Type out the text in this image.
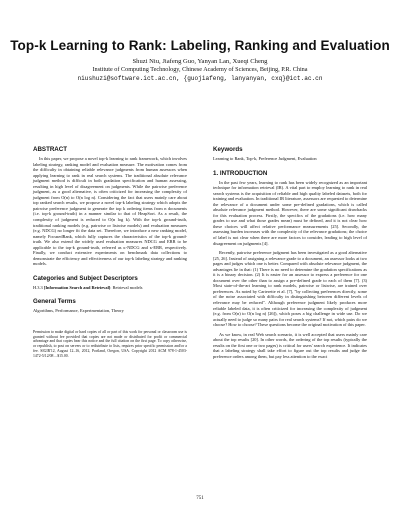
Top-k Learning to Rank: Labeling, Ranking and Evaluation
Shuzi Niu, Jiafeng Guo, Yanyan Lan, Xueqi Cheng
Institute of Computing Technology, Chinese Academy of Sciences, Beijing, P.R. China
niushuzi@software.ict.ac.cn, {guojiafeng, lanyanyan, cxq}@ict.ac.cn
ABSTRACT

In this paper, we propose a novel top-k learning to rank framework, which involves labeling strategy, ranking model and evaluation measure. The motivation comes from the difficulty in obtaining reliable relevance judgments from human assessors when applying learning to rank in real search systems. The traditional absolute relevance judgment method is difficult in both gradation specification and human assessing, resulting in high level of disagreement on judgments. While the pairwise preference judgment, as a good alternative, is often criticized for increasing the complexity of judgment from O(n) to O(n log n). Considering the fact that users mainly care about top ranked search results, we propose a novel top-k labeling strategy which adopts the pairwise preference judgment to generate the top k ordering items from n documents (i.e. top-k ground-truth) in a manner similar to that of HeapSort. As a result, the complexity of judgment is reduced to O(n log k). With the top-k ground-truth, traditional ranking models (e.g. pairwise or listwise models) and evaluation measures (e.g. NDCG) no longer fit the data set. Therefore, we introduce a new ranking model, namely FocusedRank, which fully captures the characteristics of the top-k ground-truth. We also extend the widely used evaluation measures NDCG and ERR to be applicable to the top-k ground-truth, referred as κ-NDCG and κ-ERR, respectively. Finally, we conduct extensive experiments on benchmark data collections to demonstrate the efficiency and effectiveness of our top-k labeling strategy and ranking models.

Categories and Subject Descriptors

H.3.3 [Information Search and Retrieval]: Retrieval models

General Terms

Algorithms, Performance, Experimentation, Theory

Permission to make digital or hard copies of all or part of this work for personal or classroom use is granted without fee provided that copies are not made or distributed for profit or commercial advantage and that copies bear this notice and the full citation on the first page. To copy otherwise, or republish, to post on servers or to redistribute to lists, requires prior specific permission and/or a fee. SIGIR'12, August 12–16, 2012, Portland, Oregon, USA. Copyright 2012 ACM 978-1-4503-1472-5/12/08 ...$15.00.

Keywords

Learning to Rank, Top-k, Preference Judgment, Evaluation

1. INTRODUCTION

In the past few years, learning to rank has been widely recognized as an important technique for information retrieval (IR). A vital part to employ learning to rank in real search systems is the acquisition of reliable and high quality labeled datasets, both for training and evaluation. In traditional IR literature, assessors are requested to determine the relevance of a document under some pre-defined gradations, which is called absolute relevance judgment method. However, there are some significant drawbacks for this evaluation process. Firstly, the specifics of the gradations (i.e. how many grades to use and what those grades mean) must be defined, and it is not clear how these choices will affect relative performance measurements [25]. Secondly, the assessing burden increases with the complexity of the relevance gradations; the choice of label is not clear when there are more factors to consider, leading to high level of disagreement on judgments [4].

Recently, pairwise preference judgment has been investigated as a good alternative [25, 26]. Instead of assigning a relevance grade to a document, an assessor looks at two pages and judges which one is better. Compared with absolute relevance judgment, the advantages lie in that: (1) There is no need to determine the gradation specifications as it is a binary decision. (2) It is easier for an assessor to express a preference for one document over the other than to assign a pre-defined grade to each of them [7]. (3) Most state-of-the-art learning to rank models, pairwise or listwise, are trained over preferences. As noted by Carterette et al. [7], "by collecting preferences directly, some of the noise associated with difficulty in distinguishing between different levels of relevance may be reduced". Although preference judgment likely produces more reliable labeled data, it is often criticized for increasing the complexity of judgment (e.g. from O(n) to O(n log n) [26]), which poses a big challenge in wide use. Do we actually need to judge so many pairs for real search systems? If not, which pairs do we choose? How to choose? These questions become the original motivation of this paper.

As we know, in real Web search scenario, it is well accepted that users mainly care about the top results [20]. In other words, the ordering of the top results (typically the results on the first one or two pages) is critical for users' search experience. It indicates that a labeling strategy shall take effort to figure out the top results and judge the preference orders among them, but pay less attention to the exact

751
